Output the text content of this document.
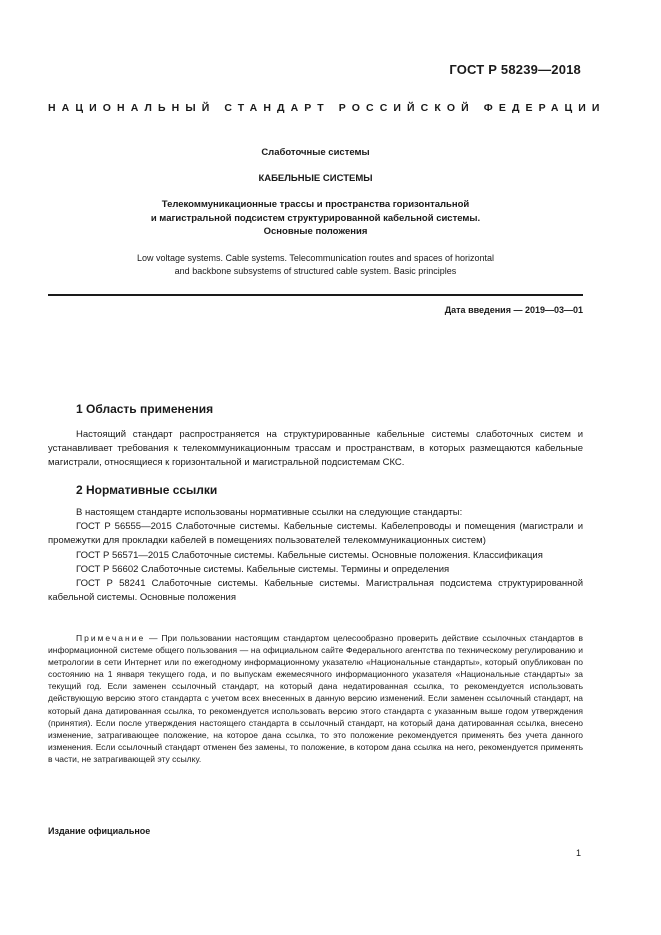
ГОСТ Р 58239—2018
НАЦИОНАЛЬНЫЙ СТАНДАРТ РОССИЙСКОЙ ФЕДЕРАЦИИ
Слаботочные системы
КАБЕЛЬНЫЕ СИСТЕМЫ
Телекоммуникационные трассы и пространства горизонтальной
и магистральной подсистем структурированной кабельной системы.
Основные положения
Low voltage systems. Cable systems. Telecommunication routes and spaces of horizontal
and backbone subsystems of structured cable system. Basic principles
Дата введения — 2019—03—01
1 Область применения
Настоящий стандарт распространяется на структурированные кабельные системы слаботочных систем и устанавливает требования к телекоммуникационным трассам и пространствам, в которых размещаются кабельные магистрали, относящиеся к горизонтальной и магистральной подсистемам СКС.
2 Нормативные ссылки

В настоящем стандарте использованы нормативные ссылки на следующие стандарты:

ГОСТ Р 56555—2015 Слаботочные системы. Кабельные системы. Кабелепроводы и помещения (магистрали и промежутки для прокладки кабелей в помещениях пользователей телекоммуникационных систем)

ГОСТ Р 56571—2015 Слаботочные системы. Кабельные системы. Основные положения. Классификация

ГОСТ Р 56602 Слаботочные системы. Кабельные системы. Термины и определения

ГОСТ Р 58241 Слаботочные системы. Кабельные системы. Магистральная подсистема структурированной кабельной системы. Основные положения

Примечание — При пользовании настоящим стандартом целесообразно проверить действие ссылочных стандартов в информационной системе общего пользования — на официальном сайте Федерального агентства по техническому регулированию и метрологии в сети Интернет или по ежегодному информационному указателю «Национальные стандарты», который опубликован по состоянию на 1 января текущего года, и по выпускам ежемесячного информационного указателя «Национальные стандарты» за текущий год. Если заменен ссылочный стандарт, на который дана недатированная ссылка, то рекомендуется использовать действующую версию этого стандарта с учетом всех внесенных в данную версию изменений. Если заменен ссылочный стандарт, на который дана датированная ссылка, то рекомендуется использовать версию этого стандарта с указанным выше годом утверждения (принятия). Если после утверждения настоящего стандарта в ссылочный стандарт, на который дана датированная ссылка, внесено изменение, затрагивающее положение, на которое дана ссылка, то это положение рекомендуется применять без учета данного изменения. Если ссылочный стандарт отменен без замены, то положение, в котором дана ссылка на него, рекомендуется применять в части, не затрагивающей эту ссылку.
Издание официальное
1
